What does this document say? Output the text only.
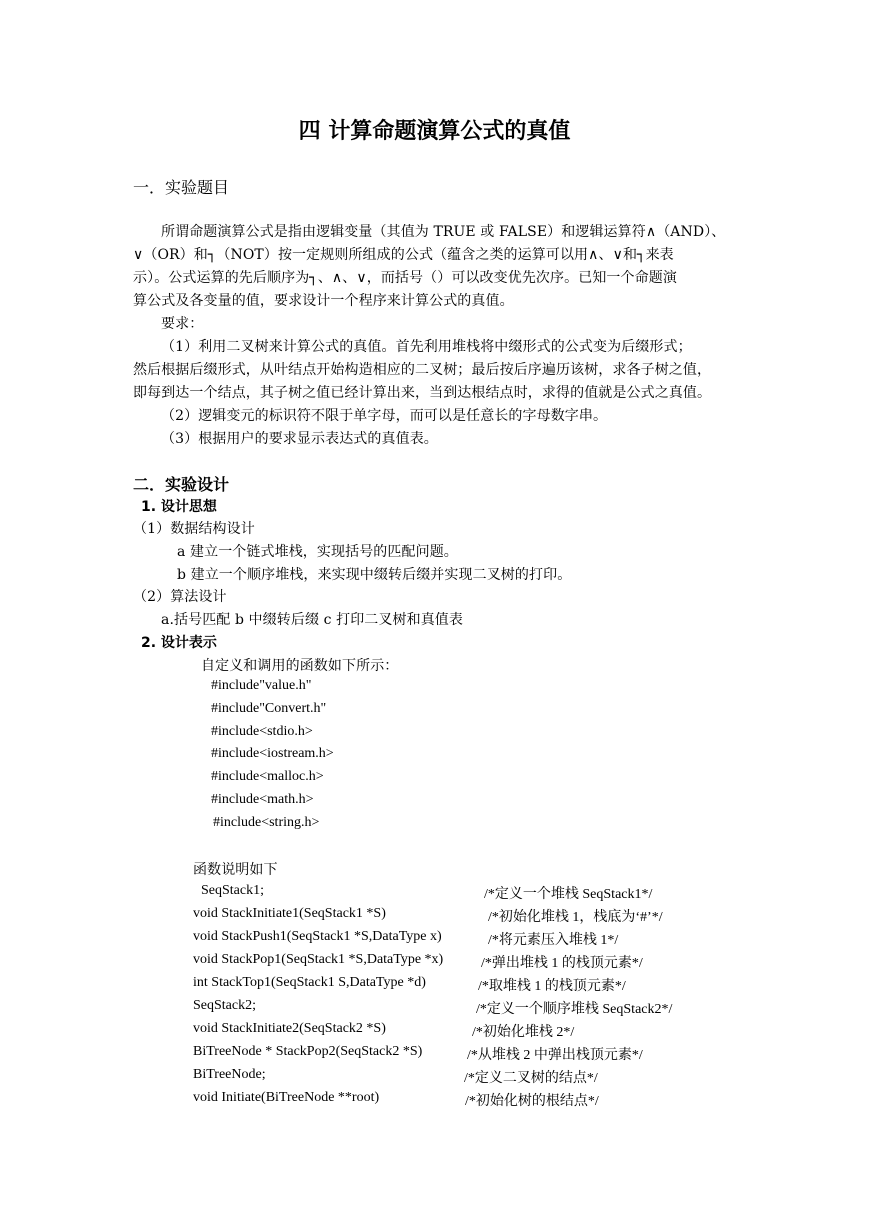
四 计算命题演算公式的真值
一．实验题目
所谓命题演算公式是指由逻辑变量（其值为 TRUE 或 FALSE）和逻辑运算符∧（AND）、
∨（OR）和┐（NOT）按一定规则所组成的公式（蕴含之类的运算可以用∧、∨和┐来表
示）。公式运算的先后顺序为┐、∧、∨，而括号（）可以改变优先次序。已知一个命题演
算公式及各变量的值，要求设计一个程序来计算公式的真值。
要求：
（1）利用二叉树来计算公式的真值。首先利用堆栈将中缀形式的公式变为后缀形式；
然后根据后缀形式，从叶结点开始构造相应的二叉树；最后按后序遍历该树，求各子树之值，
即每到达一个结点，其子树之值已经计算出来，当到达根结点时，求得的值就是公式之真值。
（2）逻辑变元的标识符不限于单字母，而可以是任意长的字母数字串。
（3）根据用户的要求显示表达式的真值表。
二．实验设计
1. 设计思想
（1）数据结构设计
a 建立一个链式堆栈，实现括号的匹配问题。
b 建立一个顺序堆栈，来实现中缀转后缀并实现二叉树的打印。
（2）算法设计
a.括号匹配 b 中缀转后缀 c 打印二叉树和真值表
2. 设计表示
自定义和调用的函数如下所示：
#include"value.h"
#include"Convert.h"
#include<stdio.h>
#include<iostream.h>
#include<malloc.h>
#include<math.h>
#include<string.h>
函数说明如下
SeqStack1;	/*定义一个堆栈 SeqStack1*/
void StackInitiate1(SeqStack1 *S)	/*初始化堆栈 1，栈底为‘#’*/
void StackPush1(SeqStack1 *S,DataType x)	/*将元素压入堆栈 1*/
void StackPop1(SeqStack1 *S,DataType *x)	/*弹出堆栈 1 的栈顶元素*/
int StackTop1(SeqStack1 S,DataType *d)	/*取堆栈 1 的栈顶元素*/
SeqStack2;	/*定义一个顺序堆栈 SeqStack2*/
void StackInitiate2(SeqStack2 *S)	/*初始化堆栈 2*/
BiTreeNode * StackPop2(SeqStack2 *S)	/*从堆栈 2 中弹出栈顶元素*/
BiTreeNode;	/*定义二叉树的结点*/
void Initiate(BiTreeNode **root)	/*初始化树的根结点*/
